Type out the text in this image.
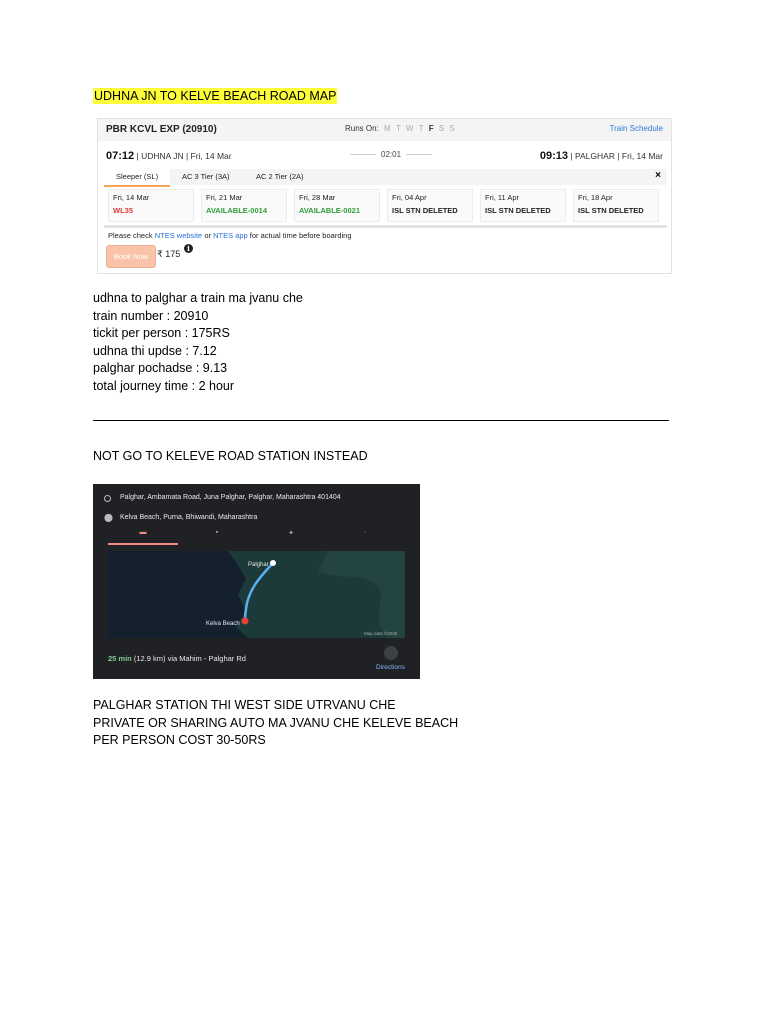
UDHNA JN TO KELVE BEACH ROAD MAP
PBR KCVL EXP (20910)	Runs On: M T W T F S S	Train Schedule
07:12 | UDHNA JN | Fri, 14 Mar	02:01	09:13 | PALGHAR | Fri, 14 Mar
Sleeper (SL)	AC 3 Tier (3A)	AC 2 Tier (2A)	×
Fri, 14 Mar
WL35
Fri, 21 Mar
AVAILABLE-0014
Fri, 28 Mar
AVAILABLE-0021
Fri, 04 Apr
ISL STN DELETED
Fri, 11 Apr
ISL STN DELETED
Fri, 18 Apr
ISL STN DELETED
Please check NTES website or NTES app for actual time before boarding
Book Now ₹ 175
i
udhna to palghar a train ma jvanu che
train number : 20910
tickit per person : 175RS
udhna thi updse : 7.12
palghar pochadse : 9.13
total journey time : 2 hour
NOT GO TO KELEVE ROAD STATION INSTEAD
Palghar, Ambamata Road, Juna Palghar, Palghar, Maharashtra 401404
⬤ Kelva Beach, Purna, Bhiwandi, Maharashtra
▬	▪	✦	·
Palghar
Kelva Beach
Map data ©2025
25 min (12.9 km) via Mahim - Palghar Rd
Directions
PALGHAR STATION THI WEST SIDE UTRVANU CHE
PRIVATE OR SHARING AUTO MA JVANU CHE KELEVE BEACH
PER PERSON COST 30-50RS
